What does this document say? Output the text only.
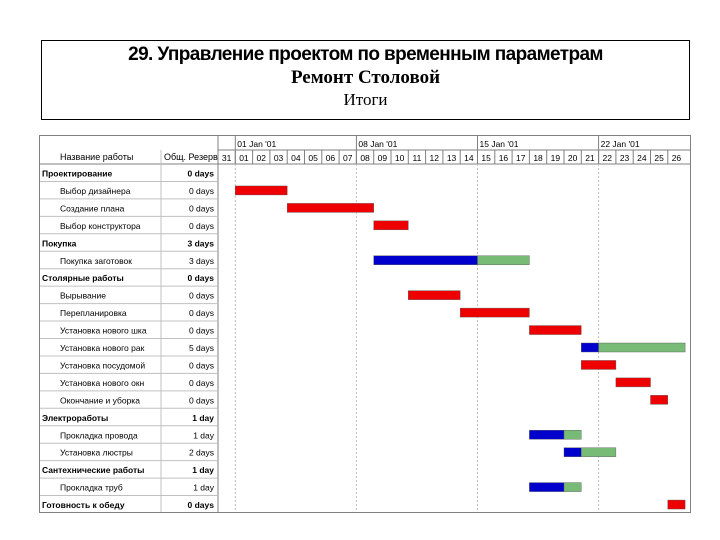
29. Управление проектом по временным параметрам
Ремонт Столовой
Итоги
Название работы	Общ. Резерв
01 Jan '01	08 Jan '01	15 Jan '01	22 Jan '01
31 01 02 03 04 05 06 07 08 09 10 11 12 13 14 15 16 17 18 19 20 21 22 23 24 25 26
Проектирование	0 days
Выбор дизайнера	0 days
Создание плана	0 days
Выбор конструктора	0 days
Покупка	3 days
Покупка заготовок	3 days
Столярные работы	0 days
Вырывание	0 days
Перепланировка	0 days
Установка нового шка	0 days
Установка нового рак	5 days
Установка посудомой	0 days
Установка нового окн	0 days
Окончание и уборка	0 days
Электроработы	1 day
Прокладка провода	1 day
Установка люстры	2 days
Сантехнические работы	1 day
Прокладка труб	1 day
Готовность к обеду	0 days
